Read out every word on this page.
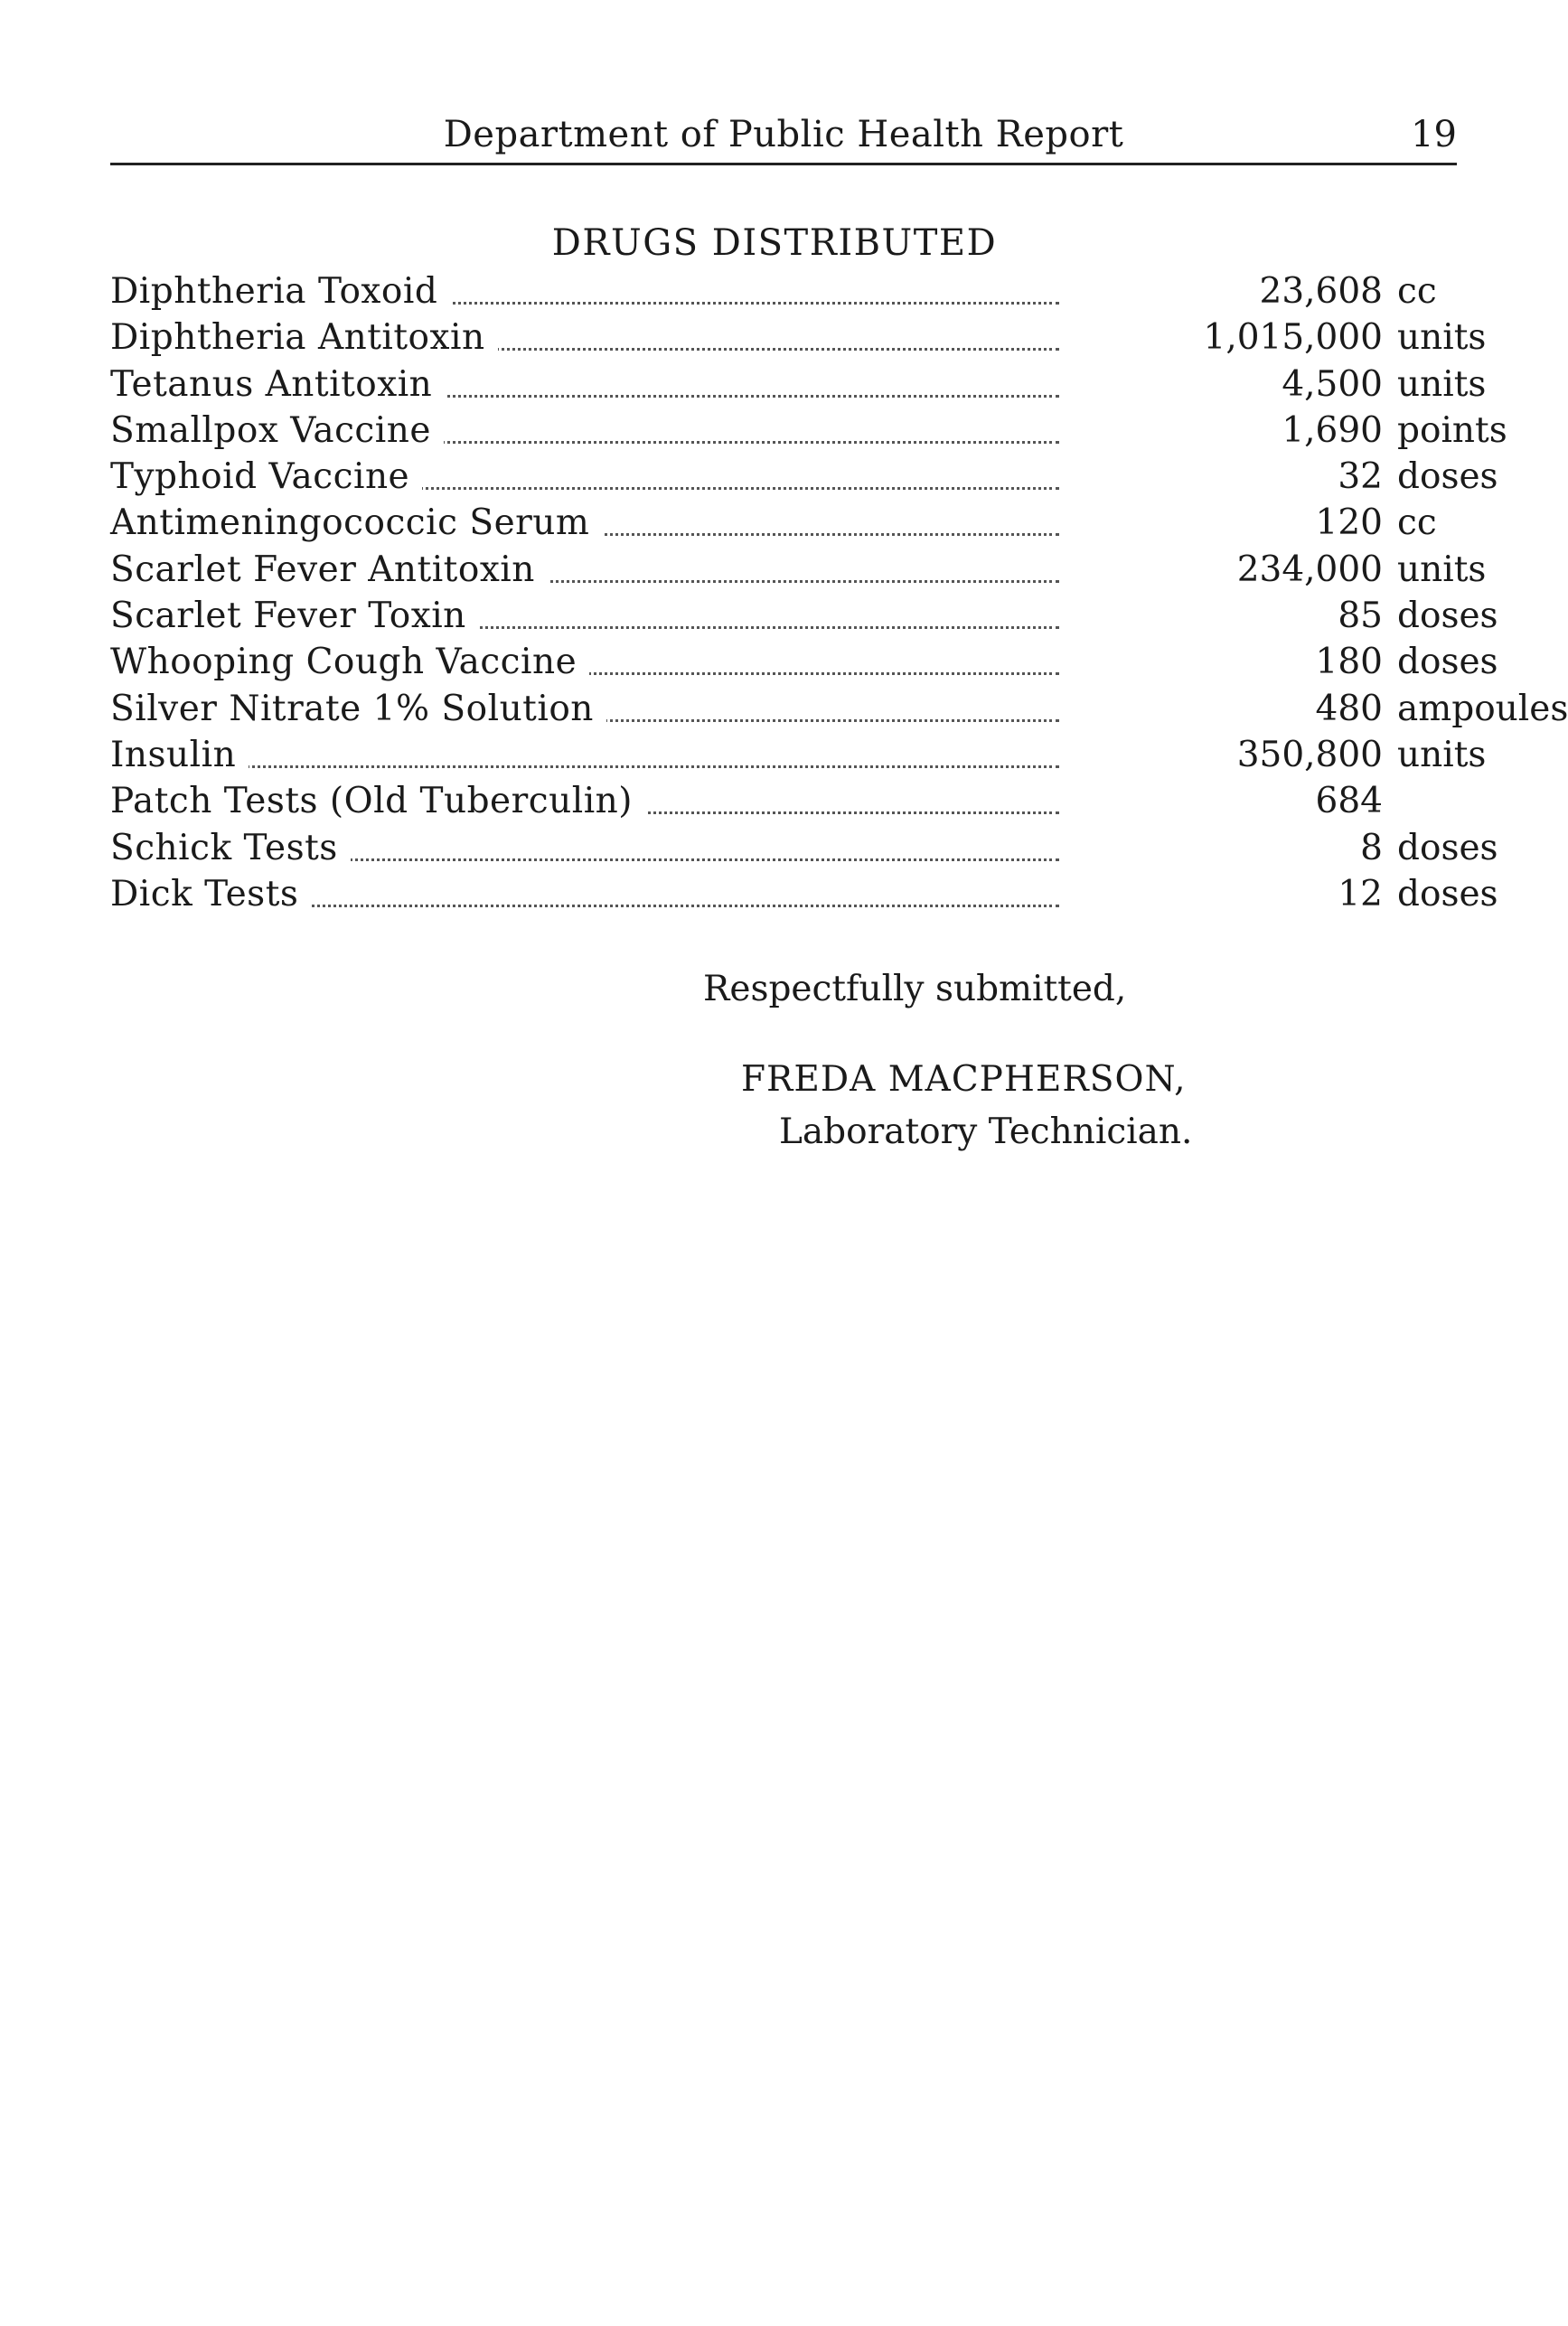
Department of Public Health Report	19
DRUGS DISTRIBUTED
Diphtheria Toxoid	23,608 cc
Diphtheria Antitoxin	1,015,000 units
Tetanus Antitoxin	4,500 units
Smallpox Vaccine	1,690 points
Typhoid Vaccine	32 doses
Antimeningococcic Serum	120 cc
Scarlet Fever Antitoxin	234,000 units
Scarlet Fever Toxin	85 doses
Whooping Cough Vaccine	180 doses
Silver Nitrate 1% Solution	480 ampoules
Insulin	350,800 units
Patch Tests (Old Tuberculin)	684
Schick Tests	8 doses
Dick Tests	12 doses
Respectfully submitted,
FREDA MACPHERSON,
Laboratory Technician.
